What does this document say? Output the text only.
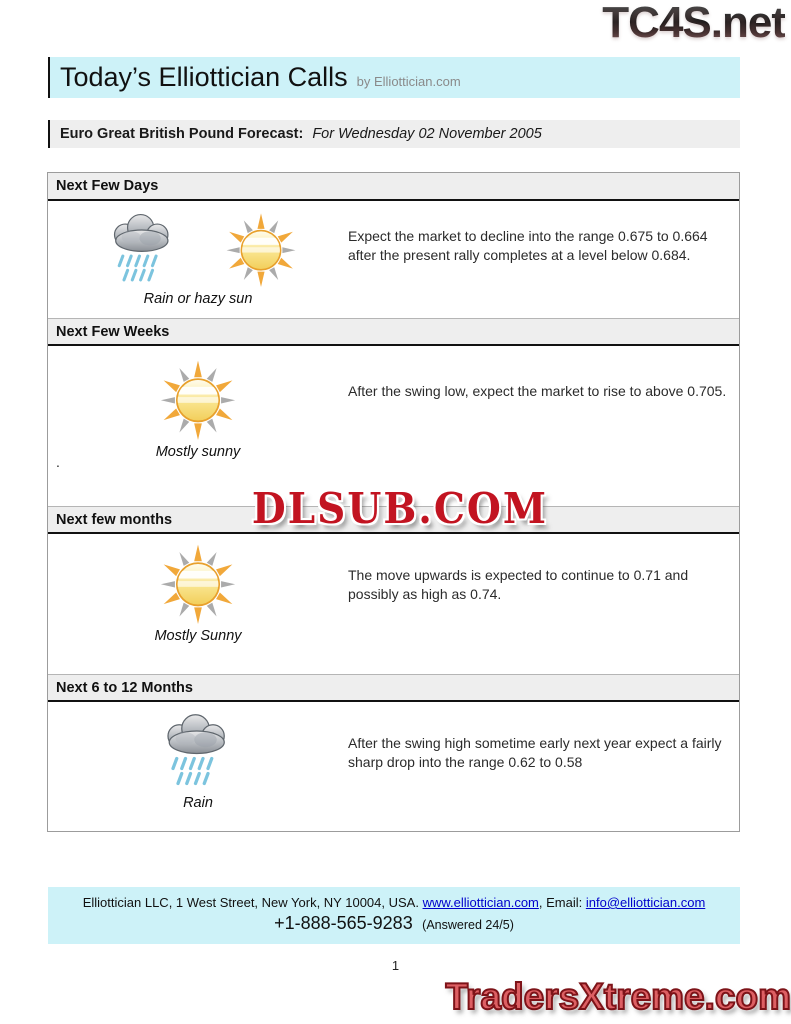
TC4S.net
Today’s Elliottician Calls by Elliottician.com
Euro Great British Pound Forecast: For Wednesday 02 November 2005
Next Few Days
Rain or hazy sun
Expect the market to decline into the range 0.675 to 0.664 after the present rally completes at a level below 0.684.
Next Few Weeks
Mostly sunny
After the swing low, expect the market to rise to above 0.705.
.
Next few months
Mostly Sunny
The move upwards is expected to continue to 0.71 and possibly as high as 0.74.
Next 6 to 12 Months
Rain
After the swing high sometime early next year expect a fairly sharp drop into the range 0.62 to 0.58
DLSUB.COM
Elliottician LLC, 1 West Street, New York, NY 10004, USA. www.elliottician.com, Email: info@elliottician.com
+1-888-565-9283 (Answered 24/5)
1
TradersXtreme.com
